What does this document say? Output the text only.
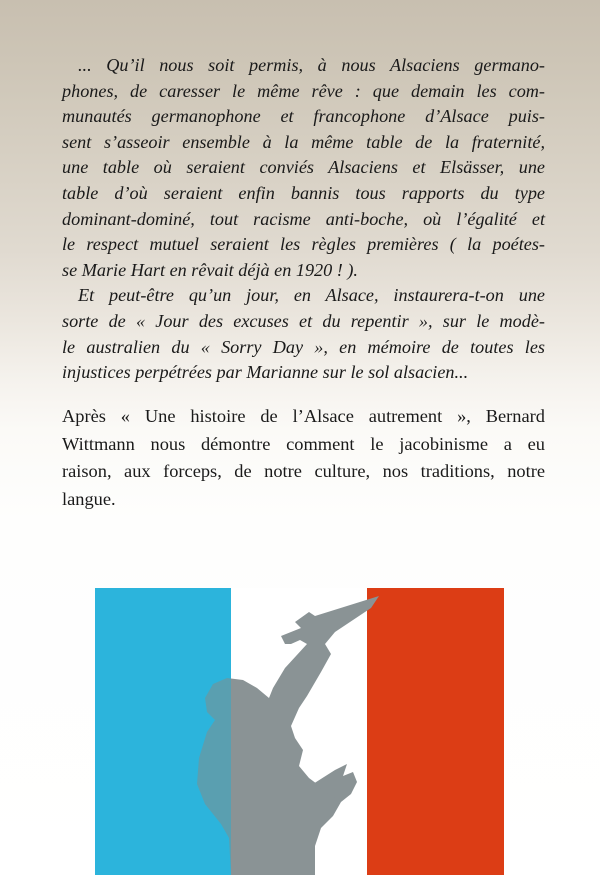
... Qu’il nous soit permis, à nous Alsaciens germano-
phones, de caresser le même rêve : que demain les com-
munautés germanophone et francophone d’Alsace puis-
sent s’asseoir ensemble à la même table de la fraternité,
une table où seraient conviés Alsaciens et Elsässer, une
table d’où seraient enfin bannis tous rapports du type
dominant-dominé, tout racisme anti-boche, où l’égalité et
le respect mutuel seraient les règles premières ( la poétes-
se Marie Hart en rêvait déjà en 1920 ! ).

Et peut-être qu’un jour, en Alsace, instaurera-t-on une
sorte de « Jour des excuses et du repentir », sur le modè-
le australien du « Sorry Day », en mémoire de toutes les
injustices perpétrées par Marianne sur le sol alsacien...

Après « Une histoire de l’Alsace autrement », Bernard
Wittmann nous démontre comment le jacobinisme a eu
raison, aux forceps, de notre culture, nos traditions, notre
langue.
